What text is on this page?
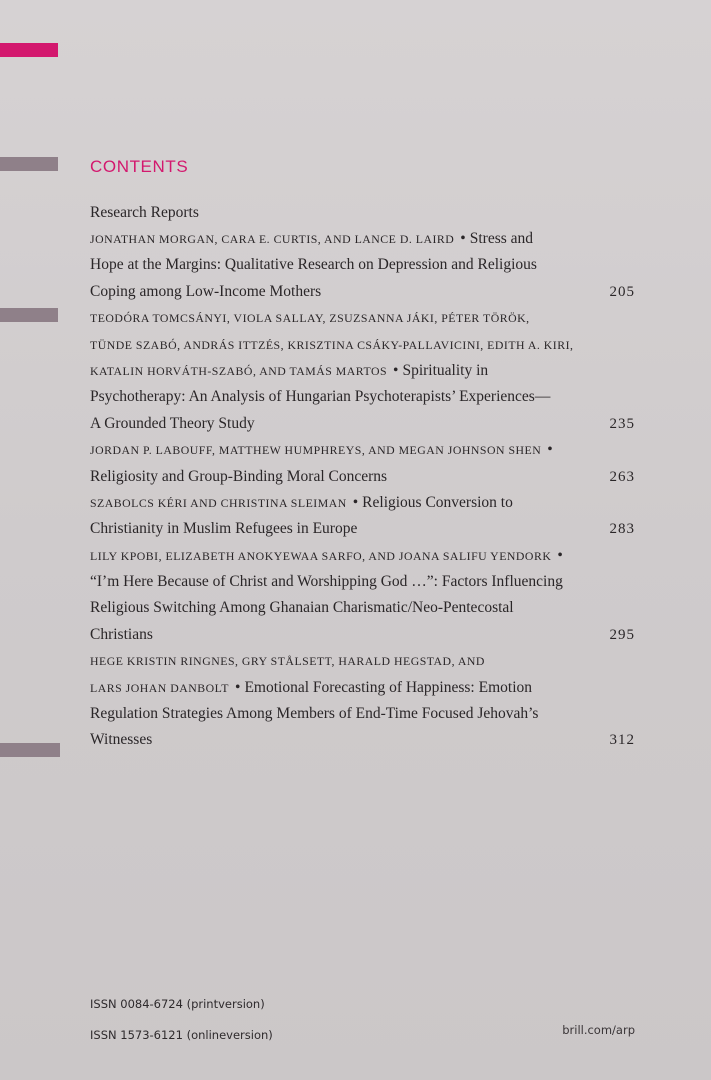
CONTENTS
Research Reports
JONATHAN MORGAN, CARA E. CURTIS, AND LANCE D. LAIRD • Stress and
Hope at the Margins: Qualitative Research on Depression and Religious
Coping among Low-Income Mothers	205
TEODÓRA TOMCSÁNYI, VIOLA SALLAY, ZSUZSANNA JÁKI, PÉTER TÖRÖK,
TÜNDE SZABÓ, ANDRÁS ITTZÉS, KRISZTINA CSÁKY-PALLAVICINI, EDITH A. KIRI,
KATALIN HORVÁTH-SZABÓ, AND TAMÁS MARTOS • Spirituality in
Psychotherapy: An Analysis of Hungarian Psychoterapists’ Experiences—
A Grounded Theory Study	235
JORDAN P. LABOUFF, MATTHEW HUMPHREYS, AND MEGAN JOHNSON SHEN •
Religiosity and Group-Binding Moral Concerns	263
SZABOLCS KÉRI AND CHRISTINA SLEIMAN • Religious Conversion to
Christianity in Muslim Refugees in Europe	283
LILY KPOBI, ELIZABETH ANOKYEWAA SARFO, AND JOANA SALIFU YENDORK •
“I’m Here Because of Christ and Worshipping God …”: Factors Influencing
Religious Switching Among Ghanaian Charismatic/Neo-Pentecostal
Christians	295
HEGE KRISTIN RINGNES, GRY STÅLSETT, HARALD HEGSTAD, AND
LARS JOHAN DANBOLT • Emotional Forecasting of Happiness: Emotion
Regulation Strategies Among Members of End-Time Focused Jehovah’s
Witnesses	312
ISSN 0084-6724 (printversion)
ISSN 1573-6121 (onlineversion)	brill.com/arp
